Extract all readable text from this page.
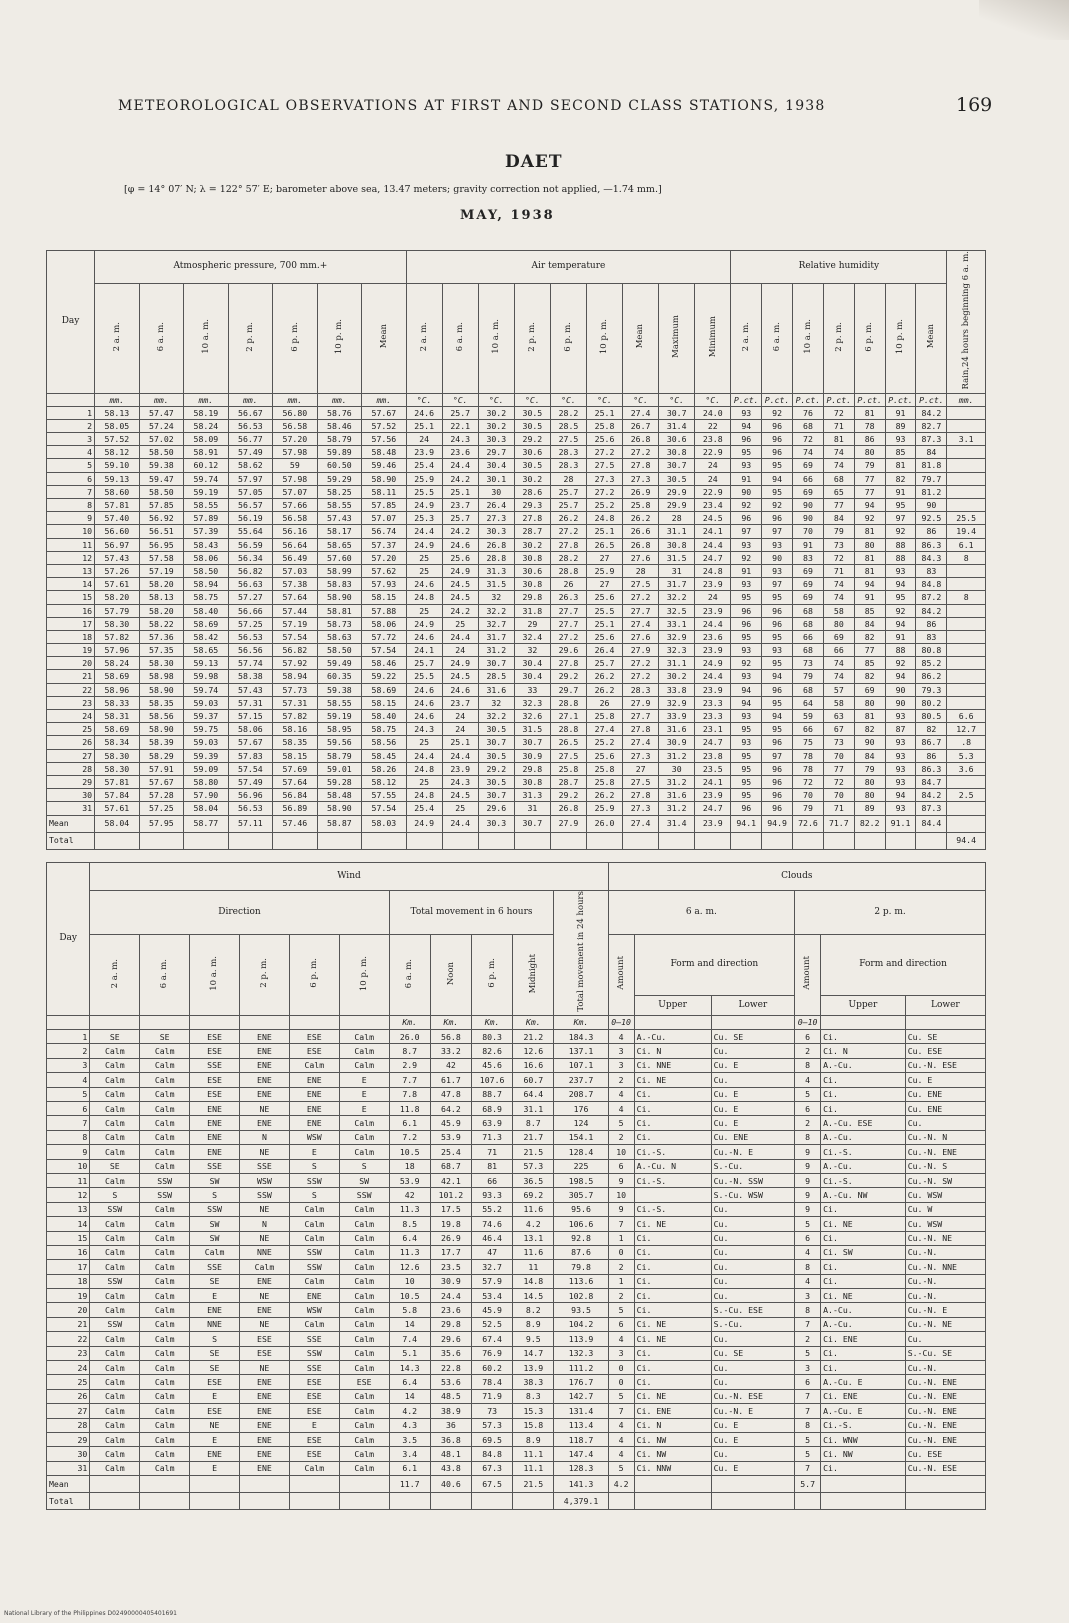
METEOROLOGICAL OBSERVATIONS AT FIRST AND SECOND CLASS STATIONS, 1938	169
DAET
[φ = 14° 07′ N; λ = 122° 57′ E; barometer above sea, 13.47 meters; gravity correction not applied, —1.74 mm.]
MAY, 1938
Day	Atmospheric pressure, 700 mm.+							Air temperature									Relative humidity							Rain,24 hours beginning 6 a. m.
	2 a. m.	6 a. m.	10 a. m.	2 p. m.	6 p. m.	10 p. m.	Mean	2 a. m.	6 a. m.	10 a. m.	2 p. m.	6 p. m.	10 p. m.	Mean	Maximum	Minimum	2 a. m.	6 a. m.	10 a. m.	2 p. m.	6 p. m.	10 p. m.	Mean	
	mm.	mm.	mm.	mm.	mm.	mm.	mm.	°C.	°C.	°C.	°C.	°C.	°C.	°C.	°C.	°C.	P.ct.	P.ct.	P.ct.	P.ct.	P.ct.	P.ct.	P.ct.	mm.
1	58.13	57.47	58.19	56.67	56.80	58.76	57.67	24.6	25.7	30.2	30.5	28.2	25.1	27.4	30.7	24.0	93	92	76	72	81	91	84.2	
2	58.05	57.24	58.24	56.53	56.58	58.46	57.52	25.1	22.1	30.2	30.5	28.5	25.8	26.7	31.4	22	94	96	68	71	78	89	82.7	
3	57.52	57.02	58.09	56.77	57.20	58.79	57.56	24	24.3	30.3	29.2	27.5	25.6	26.8	30.6	23.8	96	96	72	81	86	93	87.3	3.1
4	58.12	58.50	58.91	57.49	57.98	59.89	58.48	23.9	23.6	29.7	30.6	28.3	27.2	27.2	30.8	22.9	95	96	74	74	80	85	84	
5	59.10	59.38	60.12	58.62	59	60.50	59.46	25.4	24.4	30.4	30.5	28.3	27.5	27.8	30.7	24	93	95	69	74	79	81	81.8	
6	59.13	59.47	59.74	57.97	57.98	59.29	58.90	25.9	24.2	30.1	30.2	28	27.3	27.3	30.5	24	91	94	66	68	77	82	79.7	
7	58.60	58.50	59.19	57.05	57.07	58.25	58.11	25.5	25.1	30	28.6	25.7	27.2	26.9	29.9	22.9	90	95	69	65	77	91	81.2	
8	57.81	57.85	58.55	56.57	57.66	58.55	57.85	24.9	23.7	26.4	29.3	25.7	25.2	25.8	29.9	23.4	92	92	90	77	94	95	90	
9	57.40	56.92	57.89	56.19	56.58	57.43	57.07	25.3	25.7	27.3	27.8	26.2	24.8	26.2	28	24.5	96	96	90	84	92	97	92.5	25.5
10	56.60	56.51	57.39	55.64	56.16	58.17	56.74	24.4	24.2	30.3	28.7	27.2	25.1	26.6	31.1	24.1	97	97	70	79	81	92	86	19.4
11	56.97	56.95	58.43	56.59	56.64	58.65	57.37	24.9	24.6	26.8	30.2	27.8	26.5	26.8	30.8	24.4	93	93	91	73	80	88	86.3	6.1
12	57.43	57.58	58.06	56.34	56.49	57.60	57.20	25	25.6	28.8	30.8	28.2	27	27.6	31.5	24.7	92	90	83	72	81	88	84.3	8
13	57.26	57.19	58.50	56.82	57.03	58.99	57.62	25	24.9	31.3	30.6	28.8	25.9	28	31	24.8	91	93	69	71	81	93	83	
14	57.61	58.20	58.94	56.63	57.38	58.83	57.93	24.6	24.5	31.5	30.8	26	27	27.5	31.7	23.9	93	97	69	74	94	94	84.8	
15	58.20	58.13	58.75	57.27	57.64	58.90	58.15	24.8	24.5	32	29.8	26.3	25.6	27.2	32.2	24	95	95	69	74	91	95	87.2	8
16	57.79	58.20	58.40	56.66	57.44	58.81	57.88	25	24.2	32.2	31.8	27.7	25.5	27.7	32.5	23.9	96	96	68	58	85	92	84.2	
17	58.30	58.22	58.69	57.25	57.19	58.73	58.06	24.9	25	32.7	29	27.7	25.1	27.4	33.1	24.4	96	96	68	80	84	94	86	
18	57.82	57.36	58.42	56.53	57.54	58.63	57.72	24.6	24.4	31.7	32.4	27.2	25.6	27.6	32.9	23.6	95	95	66	69	82	91	83	
19	57.96	57.35	58.65	56.56	56.82	58.50	57.54	24.1	24	31.2	32	29.6	26.4	27.9	32.3	23.9	93	93	68	66	77	88	80.8	
20	58.24	58.30	59.13	57.74	57.92	59.49	58.46	25.7	24.9	30.7	30.4	27.8	25.7	27.2	31.1	24.9	92	95	73	74	85	92	85.2	
21	58.69	58.98	59.98	58.38	58.94	60.35	59.22	25.5	24.5	28.5	30.4	29.2	26.2	27.2	30.2	24.4	93	94	79	74	82	94	86.2	
22	58.96	58.90	59.74	57.43	57.73	59.38	58.69	24.6	24.6	31.6	33	29.7	26.2	28.3	33.8	23.9	94	96	68	57	69	90	79.3	
23	58.33	58.35	59.03	57.31	57.31	58.55	58.15	24.6	23.7	32	32.3	28.8	26	27.9	32.9	23.3	94	95	64	58	80	90	80.2	
24	58.31	58.56	59.37	57.15	57.82	59.19	58.40	24.6	24	32.2	32.6	27.1	25.8	27.7	33.9	23.3	93	94	59	63	81	93	80.5	6.6
25	58.69	58.90	59.75	58.06	58.16	58.95	58.75	24.3	24	30.5	31.5	28.8	27.4	27.8	31.6	23.1	95	95	66	67	82	87	82	12.7
26	58.34	58.39	59.03	57.67	58.35	59.56	58.56	25	25.1	30.7	30.7	26.5	25.2	27.4	30.9	24.7	93	96	75	73	90	93	86.7	.8
27	58.30	58.29	59.39	57.83	58.15	58.79	58.45	24.4	24.4	30.5	30.9	27.5	25.6	27.3	31.2	23.8	95	97	78	70	84	93	86	5.3
28	58.30	57.91	59.09	57.54	57.69	59.01	58.26	24.8	23.9	29.2	29.8	25.8	25.8	27	30	23.5	95	96	78	77	79	93	86.3	3.6
29	57.81	57.67	58.80	57.49	57.64	59.28	58.12	25	24.3	30.5	30.8	28.7	25.8	27.5	31.2	24.1	95	96	72	72	80	93	84.7	
30	57.84	57.28	57.90	56.96	56.84	58.48	57.55	24.8	24.5	30.7	31.3	29.2	26.2	27.8	31.6	23.9	95	96	70	70	80	94	84.2	2.5
31	57.61	57.25	58.04	56.53	56.89	58.90	57.54	25.4	25	29.6	31	26.8	25.9	27.3	31.2	24.7	96	96	79	71	89	93	87.3	
Mean	58.04	57.95	58.77	57.11	57.46	58.87	58.03	24.9	24.4	30.3	30.7	27.9	26.0	27.4	31.4	23.9	94.1	94.9	72.6	71.7	82.2	91.1	84.4	
Total																								94.4
Day	Wind											Clouds					
	Direction						Total movement in 6 hours				Total movement in 24 hours	6 a. m.			2 p. m.		
	2 a. m.	6 a. m.	10 a. m.	2 p. m.	6 p. m.	10 p. m.	6 a. m.	Noon	6 p. m.	Midnight		Amount	Form and direction		Amount	Form and direction	
													Upper	Lower		Upper	Lower
							Km.	Km.	Km.	Km.	Km.	0–10			0–10		
1	SE	SE	ESE	ENE	ESE	Calm	26.0	56.8	80.3	21.2	184.3	4	A.-Cu.	Cu. SE	6	Ci.	Cu. SE
2	Calm	Calm	ESE	ENE	ESE	Calm	8.7	33.2	82.6	12.6	137.1	3	Ci. N	Cu.	2	Ci. N	Cu. ESE
3	Calm	Calm	SSE	ENE	Calm	Calm	2.9	42	45.6	16.6	107.1	3	Ci. NNE	Cu. E	8	A.-Cu.	Cu.-N. ESE
4	Calm	Calm	ESE	ENE	ENE	E	7.7	61.7	107.6	60.7	237.7	2	Ci. NE	Cu.	4	Ci.	Cu. E
5	Calm	Calm	ESE	ENE	ENE	E	7.8	47.8	88.7	64.4	208.7	4	Ci.	Cu. E	5	Ci.	Cu. ENE
6	Calm	Calm	ENE	NE	ENE	E	11.8	64.2	68.9	31.1	176	4	Ci.	Cu. E	6	Ci.	Cu. ENE
7	Calm	Calm	ENE	ENE	ENE	Calm	6.1	45.9	63.9	8.7	124	5	Ci.	Cu. E	2	A.-Cu. ESE	Cu.
8	Calm	Calm	ENE	N	WSW	Calm	7.2	53.9	71.3	21.7	154.1	2	Ci.	Cu. ENE	8	A.-Cu.	Cu.-N. N
9	Calm	Calm	ENE	NE	E	Calm	10.5	25.4	71	21.5	128.4	10	Ci.-S.	Cu.-N. E	9	Ci.-S.	Cu.-N. ENE
10	SE	Calm	SSE	SSE	S	S	18	68.7	81	57.3	225	6	A.-Cu. N	S.-Cu.	9	A.-Cu.	Cu.-N. S
11	Calm	SSW	SW	WSW	SSW	SW	53.9	42.1	66	36.5	198.5	9	Ci.-S.	Cu.-N. SSW	9	Ci.-S.	Cu.-N. SW
12	S	SSW	S	SSW	S	SSW	42	101.2	93.3	69.2	305.7	10		S.-Cu. WSW	9	A.-Cu. NW	Cu. WSW
13	SSW	Calm	SSW	NE	Calm	Calm	11.3	17.5	55.2	11.6	95.6	9	Ci.-S.	Cu.	9	Ci.	Cu. W
14	Calm	Calm	SW	N	Calm	Calm	8.5	19.8	74.6	4.2	106.6	7	Ci. NE	Cu.	5	Ci. NE	Cu. WSW
15	Calm	Calm	SW	NE	Calm	Calm	6.4	26.9	46.4	13.1	92.8	1	Ci.	Cu.	6	Ci.	Cu.-N. NE
16	Calm	Calm	Calm	NNE	SSW	Calm	11.3	17.7	47	11.6	87.6	0	Ci.	Cu.	4	Ci. SW	Cu.-N.
17	Calm	Calm	SSE	Calm	SSW	Calm	12.6	23.5	32.7	11	79.8	2	Ci.	Cu.	8	Ci.	Cu.-N. NNE
18	SSW	Calm	SE	ENE	Calm	Calm	10	30.9	57.9	14.8	113.6	1	Ci.	Cu.	4	Ci.	Cu.-N.
19	Calm	Calm	E	NE	ENE	Calm	10.5	24.4	53.4	14.5	102.8	2	Ci.	Cu.	3	Ci. NE	Cu.-N.
20	Calm	Calm	ENE	ENE	WSW	Calm	5.8	23.6	45.9	8.2	93.5	5	Ci.	S.-Cu. ESE	8	A.-Cu.	Cu.-N. E
21	SSW	Calm	NNE	NE	Calm	Calm	14	29.8	52.5	8.9	104.2	6	Ci. NE	S.-Cu.	7	A.-Cu.	Cu.-N. NE
22	Calm	Calm	S	ESE	SSE	Calm	7.4	29.6	67.4	9.5	113.9	4	Ci. NE	Cu.	2	Ci. ENE	Cu.
23	Calm	Calm	SE	ESE	SSW	Calm	5.1	35.6	76.9	14.7	132.3	3	Ci.	Cu. SE	5	Ci.	S.-Cu. SE
24	Calm	Calm	SE	NE	SSE	Calm	14.3	22.8	60.2	13.9	111.2	0	Ci.	Cu.	3	Ci.	Cu.-N.
25	Calm	Calm	ESE	ENE	ESE	ESE	6.4	53.6	78.4	38.3	176.7	0	Ci.	Cu.	6	A.-Cu. E	Cu.-N. ENE
26	Calm	Calm	E	ENE	ESE	Calm	14	48.5	71.9	8.3	142.7	5	Ci. NE	Cu.-N. ESE	7	Ci. ENE	Cu.-N. ENE
27	Calm	Calm	ESE	ENE	ESE	Calm	4.2	38.9	73	15.3	131.4	7	Ci. ENE	Cu.-N. E	7	A.-Cu. E	Cu.-N. ENE
28	Calm	Calm	NE	ENE	E	Calm	4.3	36	57.3	15.8	113.4	4	Ci. N	Cu. E	8	Ci.-S.	Cu.-N. ENE
29	Calm	Calm	E	ENE	ESE	Calm	3.5	36.8	69.5	8.9	118.7	4	Ci. NW	Cu. E	5	Ci. WNW	Cu.-N. ENE
30	Calm	Calm	ENE	ENE	ESE	Calm	3.4	48.1	84.8	11.1	147.4	4	Ci. NW	Cu.	5	Ci. NW	Cu. ESE
31	Calm	Calm	E	ENE	Calm	Calm	6.1	43.8	67.3	11.1	128.3	5	Ci. NNW	Cu. E	7	Ci.	Cu.-N. ESE
Mean							11.7	40.6	67.5	21.5	141.3	4.2			5.7		
Total											4,379.1						
National Library of the Philippines D02490000405401691
